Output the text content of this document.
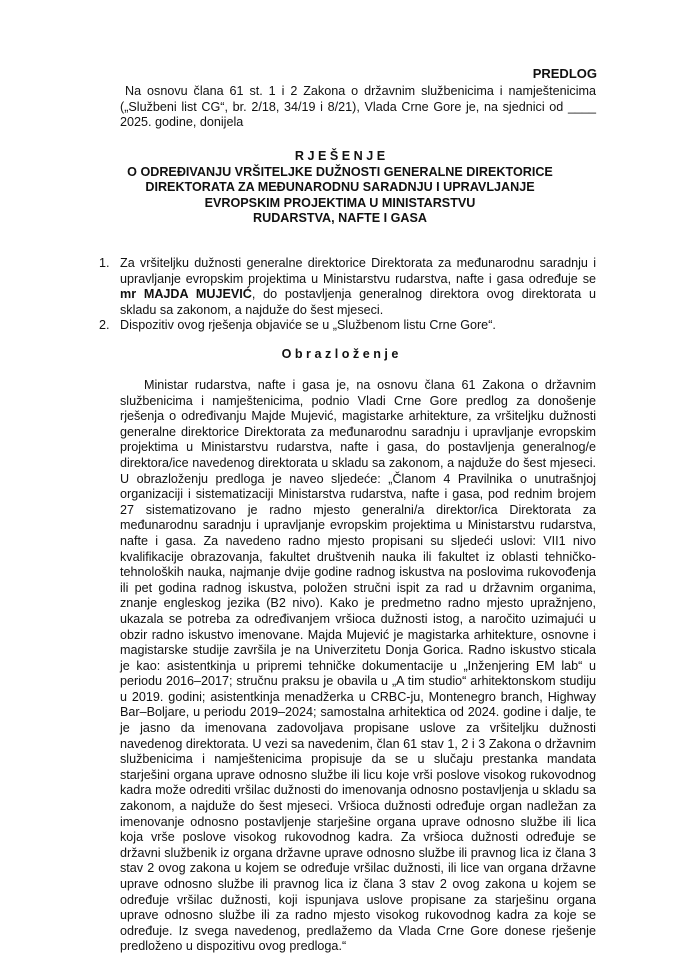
PREDLOG
Na osnovu člana 61 st. 1 i 2 Zakona o državnim službenicima i namještenicima („Službeni list CG“, br. 2/18, 34/19 i 8/21), Vlada Crne Gore je, na sjednici od ____ 2025. godine, donijela
R J E Š E N J E
O ODREĐIVANJU VRŠITELJKE DUŽNOSTI GENERALNE DIREKTORICE
DIREKTORATA ZA MEĐUNARODNU SARADNJU I UPRAVLJANJE
EVROPSKIM PROJEKTIMA U MINISTARSTVU
RUDARSTVA, NAFTE I GASA
1. Za vršiteljku dužnosti generalne direktorice Direktorata za međunarodnu saradnju i upravljanje evropskim projektima u Ministarstvu rudarstva, nafte i gasa određuje se mr MAJDA MUJEVIĆ, do postavljenja generalnog direktora ovog direktorata u skladu sa zakonom, a najduže do šest mjeseci.
2. Dispozitiv ovog rješenja objaviće se u „Službenom listu Crne Gore“.
O b r a z l o ž e n j e

Ministar rudarstva, nafte i gasa je, na osnovu člana 61 Zakona o državnim službenicima i namještenicima, podnio Vladi Crne Gore predlog za donošenje rješenja o određivanju Majde Mujević, magistarke arhitekture, za vršiteljku dužnosti generalne direktorice Direktorata za međunarodnu saradnju i upravljanje evropskim projektima u Ministarstvu rudarstva, nafte i gasa, do postavljenja generalnog/e direktora/ice navedenog direktorata u skladu sa zakonom, a najduže do šest mjeseci. U obrazloženju predloga je naveo sljedeće: „Članom 4 Pravilnika o unutrašnjoj organizaciji i sistematizaciji Ministarstva rudarstva, nafte i gasa, pod rednim brojem 27 sistematizovano je radno mjesto generalni/a direktor/ica Direktorata za međunarodnu saradnju i upravljanje evropskim projektima u Ministarstvu rudarstva, nafte i gasa. Za navedeno radno mjesto propisani su sljedeći uslovi: VII1 nivo kvalifikacije obrazovanja, fakultet društvenih nauka ili fakultet iz oblasti tehničko-tehnoloških nauka, najmanje dvije godine radnog iskustva na poslovima rukovođenja ili pet godina radnog iskustva, položen stručni ispit za rad u državnim organima, znanje engleskog jezika (B2 nivo). Kako je predmetno radno mjesto upražnjeno, ukazala se potreba za određivanjem vršioca dužnosti istog, a naročito uzimajući u obzir radno iskustvo imenovane. Majda Mujević je magistarka arhitekture, osnovne i magistarske studije završila je na Univerzitetu Donja Gorica. Radno iskustvo sticala je kao: asistentkinja u pripremi tehničke dokumentacije u „Inženjering EM lab“ u periodu 2016–2017; stručnu praksu je obavila u „A tim studio“ arhitektonskom studiju u 2019. godini; asistentkinja menadžerka u CRBC-ju, Montenegro branch, Highway Bar–Boljare, u periodu 2019–2024; samostalna arhitektica od 2024. godine i dalje, te je jasno da imenovana zadovoljava propisane uslove za vršiteljku dužnosti navedenog direktorata. U vezi sa navedenim, član 61 stav 1, 2 i 3 Zakona o državnim službenicima i namještenicima propisuje da se u slučaju prestanka mandata starješini organa uprave odnosno službe ili licu koje vrši poslove visokog rukovodnog kadra može odrediti vršilac dužnosti do imenovanja odnosno postavljenja u skladu sa zakonom, a najduže do šest mjeseci. Vršioca dužnosti određuje organ nadležan za imenovanje odnosno postavljenje starješine organa uprave odnosno službe ili lica koja vrše poslove visokog rukovodnog kadra. Za vršioca dužnosti određuje se državni službenik iz organa državne uprave odnosno službe ili pravnog lica iz člana 3 stav 2 ovog zakona u kojem se određuje vršilac dužnosti, ili lice van organa državne uprave odnosno službe ili pravnog lica iz člana 3 stav 2 ovog zakona u kojem se određuje vršilac dužnosti, koji ispunjava uslove propisane za starješinu organa uprave odnosno službe ili za radno mjesto visokog rukovodnog kadra za koje se određuje. Iz svega navedenog, predlažemo da Vlada Crne Gore donese rješenje predloženo u dispozitivu ovog predloga.“
